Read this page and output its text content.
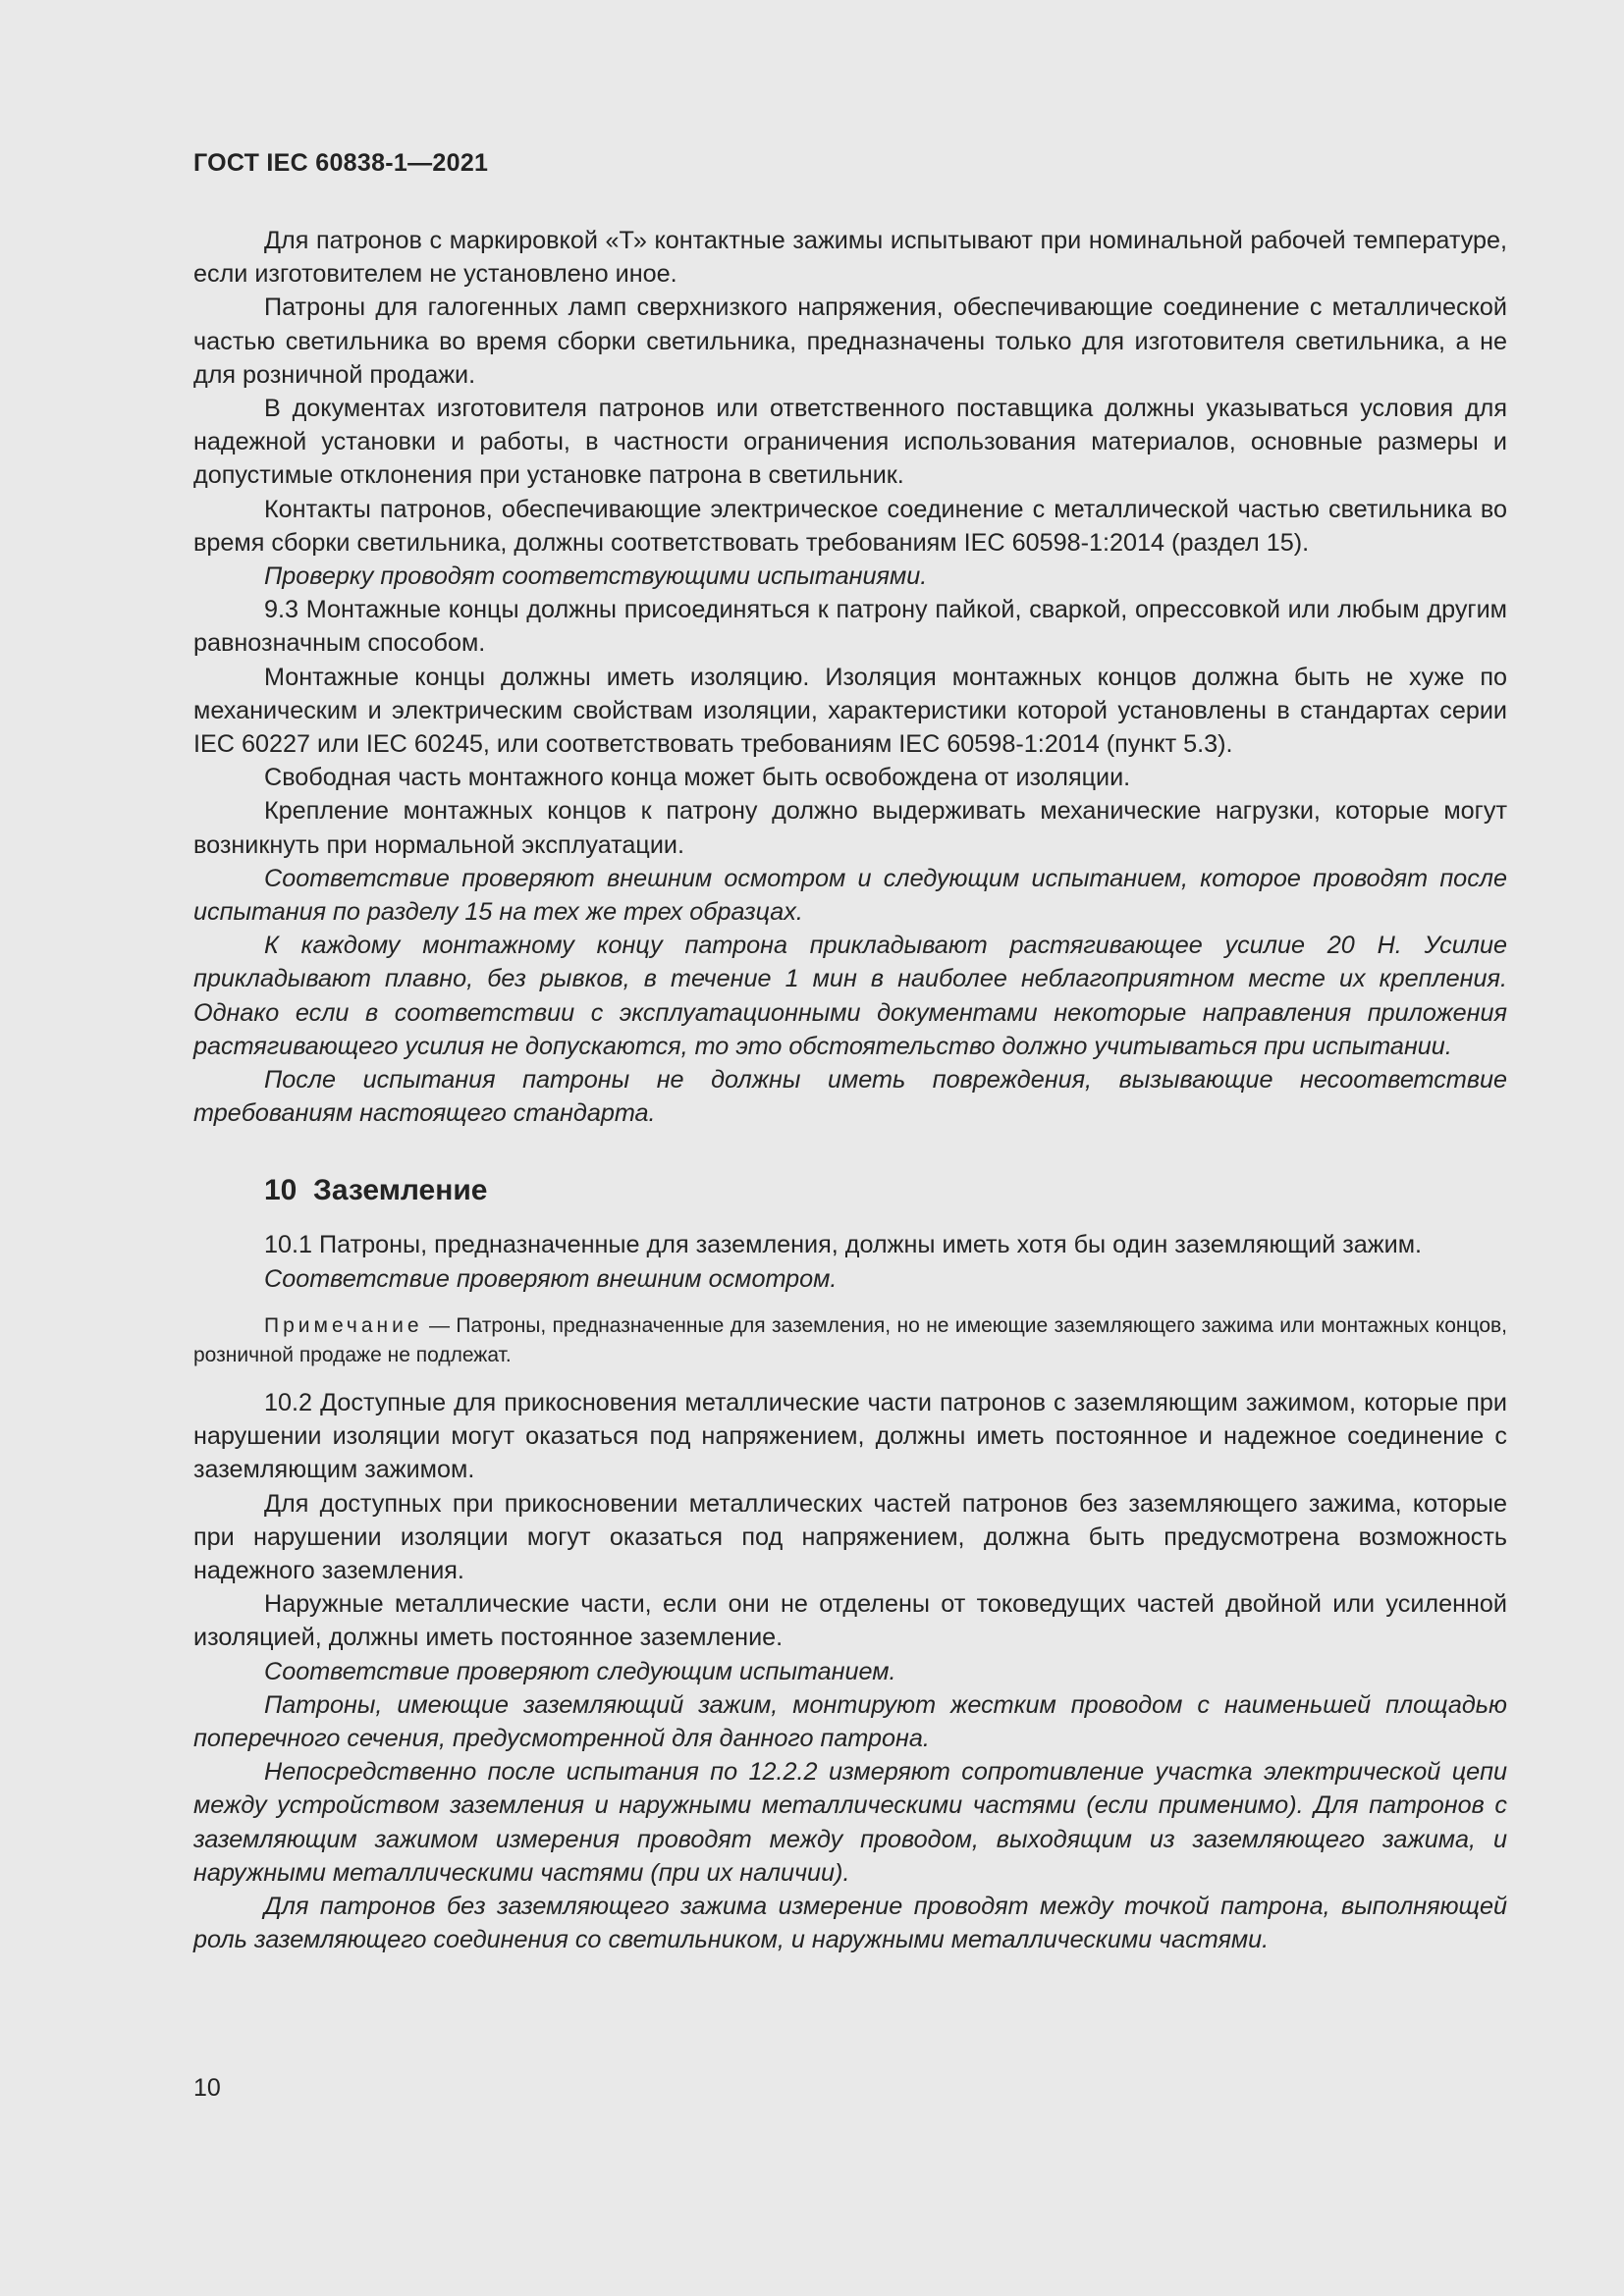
ГОСТ IEC 60838-1—2021

Для патронов с маркировкой «Т» контактные зажимы испытывают при номинальной рабочей температуре, если изготовителем не установлено иное.

Патроны для галогенных ламп сверхнизкого напряжения, обеспечивающие соединение с металлической частью светильника во время сборки светильника, предназначены только для изготовителя светильника, а не для розничной продажи.

В документах изготовителя патронов или ответственного поставщика должны указываться условия для надежной установки и работы, в частности ограничения использования материалов, основные размеры и допустимые отклонения при установке патрона в светильник.

Контакты патронов, обеспечивающие электрическое соединение с металлической частью светильника во время сборки светильника, должны соответствовать требованиям IEC 60598-1:2014 (раздел 15).

Проверку проводят соответствующими испытаниями.

9.3 Монтажные концы должны присоединяться к патрону пайкой, сваркой, опрессовкой или любым другим равнозначным способом.

Монтажные концы должны иметь изоляцию. Изоляция монтажных концов должна быть не хуже по механическим и электрическим свойствам изоляции, характеристики которой установлены в стандартах серии IEC 60227 или IEC 60245, или соответствовать требованиям IEC 60598-1:2014 (пункт 5.3).

Свободная часть монтажного конца может быть освобождена от изоляции.

Крепление монтажных концов к патрону должно выдерживать механические нагрузки, которые могут возникнуть при нормальной эксплуатации.

Соответствие проверяют внешним осмотром и следующим испытанием, которое проводят после испытания по разделу 15 на тех же трех образцах.

К каждому монтажному концу патрона прикладывают растягивающее усилие 20 Н. Усилие прикладывают плавно, без рывков, в течение 1 мин в наиболее неблагоприятном месте их крепления. Однако если в соответствии с эксплуатационными документами некоторые направления приложения растягивающего усилия не допускаются, то это обстоятельство должно учитываться при испытании.

После испытания патроны не должны иметь повреждения, вызывающие несоответствие требованиям настоящего стандарта.

10 Заземление

10.1 Патроны, предназначенные для заземления, должны иметь хотя бы один заземляющий зажим.

Соответствие проверяют внешним осмотром.

Примечание — Патроны, предназначенные для заземления, но не имеющие заземляющего зажима или монтажных концов, розничной продаже не подлежат.

10.2 Доступные для прикосновения металлические части патронов с заземляющим зажимом, которые при нарушении изоляции могут оказаться под напряжением, должны иметь постоянное и надежное соединение с заземляющим зажимом.

Для доступных при прикосновении металлических частей патронов без заземляющего зажима, которые при нарушении изоляции могут оказаться под напряжением, должна быть предусмотрена возможность надежного заземления.

Наружные металлические части, если они не отделены от токоведущих частей двойной или усиленной изоляцией, должны иметь постоянное заземление.

Соответствие проверяют следующим испытанием.

Патроны, имеющие заземляющий зажим, монтируют жестким проводом с наименьшей площадью поперечного сечения, предусмотренной для данного патрона.

Непосредственно после испытания по 12.2.2 измеряют сопротивление участка электрической цепи между устройством заземления и наружными металлическими частями (если применимо). Для патронов с заземляющим зажимом измерения проводят между проводом, выходящим из заземляющего зажима, и наружными металлическими частями (при их наличии).

Для патронов без заземляющего зажима измерение проводят между точкой патрона, выполняющей роль заземляющего соединения со светильником, и наружными металлическими частями.

10
